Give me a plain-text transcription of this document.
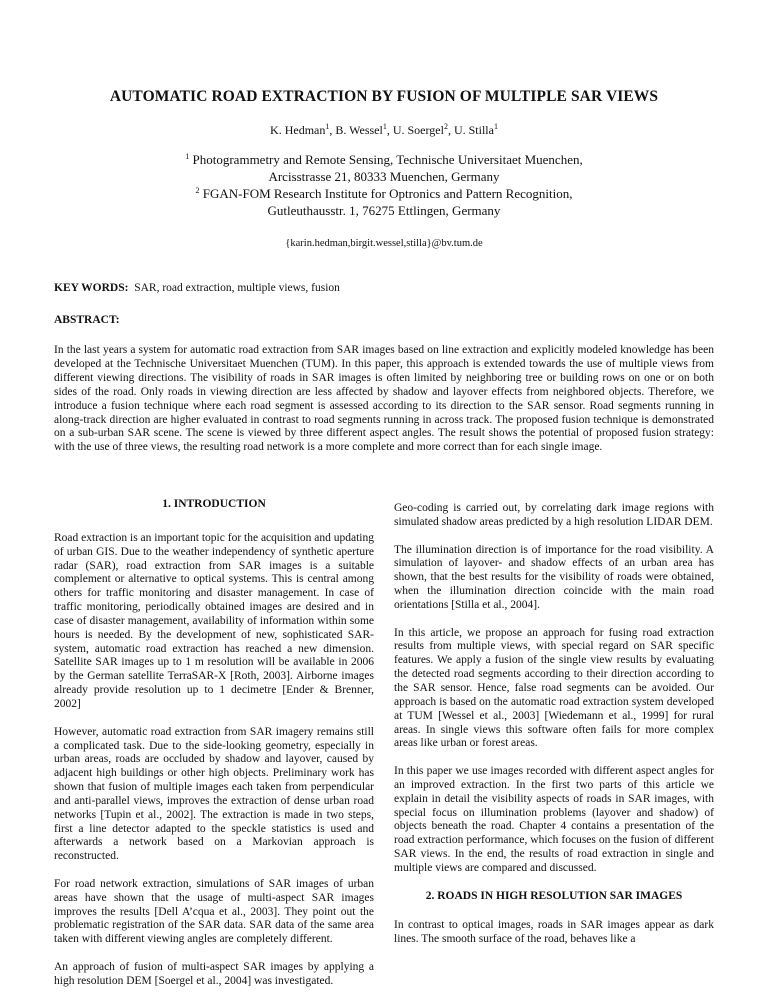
AUTOMATIC ROAD EXTRACTION BY FUSION OF MULTIPLE SAR VIEWS
K. Hedman$^1$, B. Wessel$^1$, U. Soergel$^2$, U. Stilla$^1$
$^1$ Photogrammetry and Remote Sensing, Technische Universitaet Muenchen,
Arcisstrasse 21, 80333 Muenchen, Germany
$^2$ FGAN-FOM Research Institute for Optronics and Pattern Recognition,
Gutleuthausstr. 1, 76275 Ettlingen, Germany
{karin.hedman,birgit.wessel,stilla}@bv.tum.de
KEY WORDS: SAR, road extraction, multiple views, fusion
ABSTRACT:
In the last years a system for automatic road extraction from SAR images based on line extraction and explicitly modeled knowledge has been developed at the Technische Universitaet Muenchen (TUM). In this paper, this approach is extended towards the use of multiple views from different viewing directions. The visibility of roads in SAR images is often limited by neighboring tree or building rows on one or on both sides of the road. Only roads in viewing direction are less affected by shadow and layover effects from neighbored objects. Therefore, we introduce a fusion technique where each road segment is assessed according to its direction to the SAR sensor. Road segments running in along-track direction are higher evaluated in contrast to road segments running in across track. The proposed fusion technique is demonstrated on a sub-urban SAR scene. The scene is viewed by three different aspect angles. The result shows the potential of proposed fusion strategy: with the use of three views, the resulting road network is a more complete and more correct than for each single image.
1. INTRODUCTION

Road extraction is an important topic for the acquisition and updating of urban GIS. Due to the weather independency of synthetic aperture radar (SAR), road extraction from SAR images is a suitable complement or alternative to optical systems. This is central among others for traffic monitoring and disaster management. In case of traffic monitoring, periodically obtained images are desired and in case of disaster management, availability of information within some hours is needed. By the development of new, sophisticated SAR-system, automatic road extraction has reached a new dimension. Satellite SAR images up to 1 m resolution will be available in 2006 by the German satellite TerraSAR-X [Roth, 2003]. Airborne images already provide resolution up to 1 decimetre [Ender & Brenner, 2002]

However, automatic road extraction from SAR imagery remains still a complicated task. Due to the side-looking geometry, especially in urban areas, roads are occluded by shadow and layover, caused by adjacent high buildings or other high objects. Preliminary work has shown that fusion of multiple images each taken from perpendicular and anti-parallel views, improves the extraction of dense urban road networks [Tupin et al., 2002]. The extraction is made in two steps, first a line detector adapted to the speckle statistics is used and afterwards a network based on a Markovian approach is reconstructed.

For road network extraction, simulations of SAR images of urban areas have shown that the usage of multi-aspect SAR images improves the results [Dell A’cqua et al., 2003]. They point out the problematic registration of the SAR data. SAR data of the same area taken with different viewing angles are completely different.

An approach of fusion of multi-aspect SAR images by applying a high resolution DEM [Soergel et al., 2004] was investigated.

Geo-coding is carried out, by correlating dark image regions with simulated shadow areas predicted by a high resolution LIDAR DEM.

The illumination direction is of importance for the road visibility. A simulation of layover- and shadow effects of an urban area has shown, that the best results for the visibility of roads were obtained, when the illumination direction coincide with the main road orientations [Stilla et al., 2004].

In this article, we propose an approach for fusing road extraction results from multiple views, with special regard on SAR specific features. We apply a fusion of the single view results by evaluating the detected road segments according to their direction according to the SAR sensor. Hence, false road segments can be avoided. Our approach is based on the automatic road extraction system developed at TUM [Wessel et al., 2003] [Wiedemann et al., 1999] for rural areas. In single views this software often fails for more complex areas like urban or forest areas.

In this paper we use images recorded with different aspect angles for an improved extraction. In the first two parts of this article we explain in detail the visibility aspects of roads in SAR images, with special focus on illumination problems (layover and shadow) of objects beneath the road. Chapter 4 contains a presentation of the road extraction performance, which focuses on the fusion of different SAR views. In the end, the results of road extraction in single and multiple views are compared and discussed.

2. ROADS IN HIGH RESOLUTION SAR IMAGES

In contrast to optical images, roads in SAR images appear as dark lines. The smooth surface of the road, behaves like a
